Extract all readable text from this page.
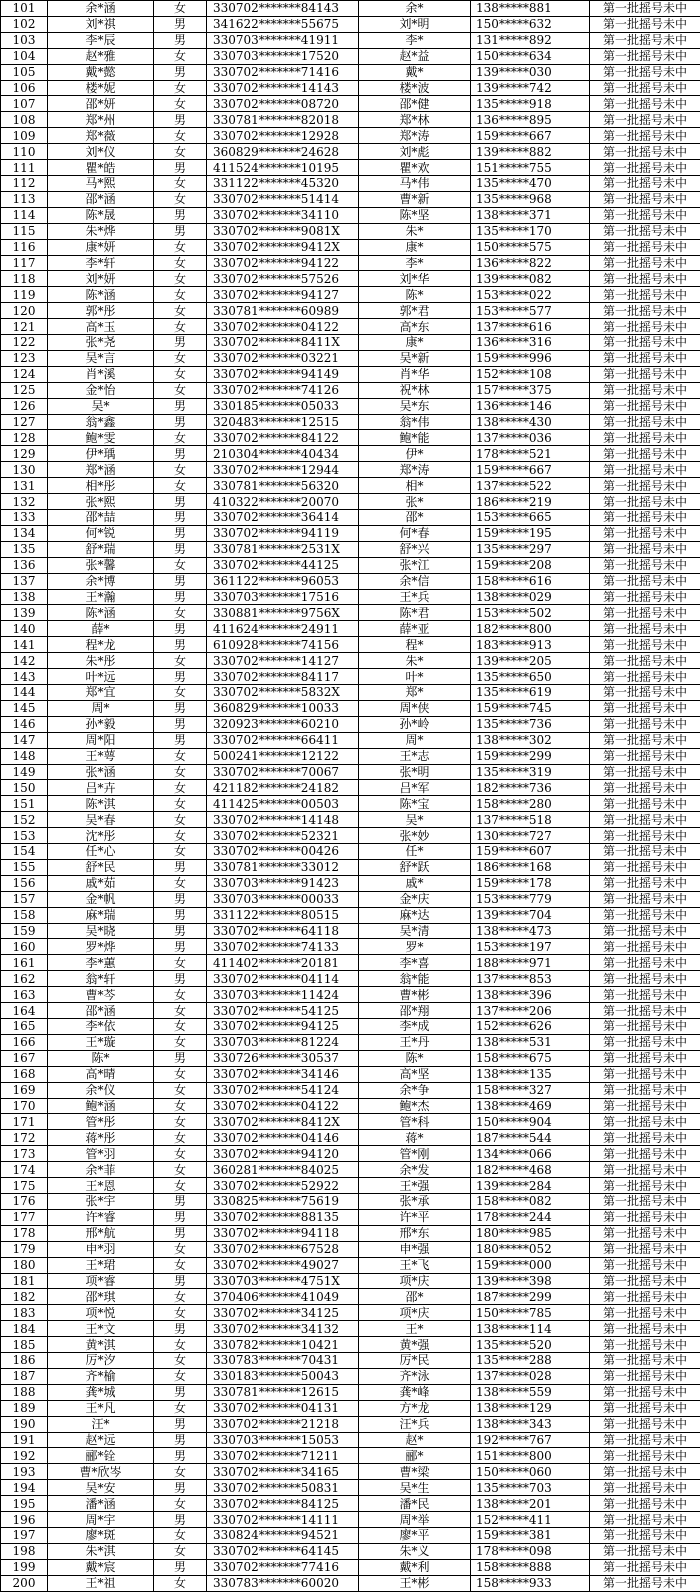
101	余*涵	女	330702*******84143	余*	138*****881	第一批摇号未中
102	刘*祺	男	341622*******55675	刘*明	150*****632	第一批摇号未中
103	李*辰	男	330703*******41911	李*	131*****892	第一批摇号未中
104	赵*雅	女	330703*******17520	赵*益	150*****634	第一批摇号未中
105	戴*懿	男	330702*******71416	戴*	139*****030	第一批摇号未中
106	楼*妮	女	330702*******14143	楼*波	139*****742	第一批摇号未中
107	邵*妍	女	330702*******08720	邵*健	135*****918	第一批摇号未中
108	郑*州	男	330781*******82018	郑*林	136*****895	第一批摇号未中
109	郑*薇	女	330702*******12928	郑*涛	159*****667	第一批摇号未中
110	刘*仪	女	360829*******24628	刘*彪	139*****882	第一批摇号未中
111	瞿*皓	男	411524*******10195	瞿*欢	151*****755	第一批摇号未中
112	马*熙	女	331122*******45320	马*伟	135*****470	第一批摇号未中
113	邵*涵	女	330702*******51414	曹*新	135*****968	第一批摇号未中
114	陈*晟	男	330702*******34110	陈*坚	138*****371	第一批摇号未中
115	朱*烨	男	330702*******9081X	朱*	135*****170	第一批摇号未中
116	康*妍	女	330702*******9412X	康*	150*****575	第一批摇号未中
117	李*轩	女	330702*******94122	李*	136*****822	第一批摇号未中
118	刘*妍	女	330702*******57526	刘*华	139*****082	第一批摇号未中
119	陈*涵	女	330702*******94127	陈*	153*****022	第一批摇号未中
120	郭*彤	女	330781*******60989	郭*君	153*****577	第一批摇号未中
121	高*玉	女	330702*******04122	高*东	137*****616	第一批摇号未中
122	张*尧	男	330702*******8411X	康*	136*****316	第一批摇号未中
123	吴*言	女	330702*******03221	吴*新	159*****996	第一批摇号未中
124	肖*溪	女	330702*******94149	肖*华	152*****108	第一批摇号未中
125	金*怡	女	330702*******74126	祝*林	157*****375	第一批摇号未中
126	吴*	男	330185*******05033	吴*东	136*****146	第一批摇号未中
127	翁*鑫	男	320483*******12515	翁*伟	138*****430	第一批摇号未中
128	鲍*雯	女	330702*******84122	鲍*能	137*****036	第一批摇号未中
129	伊*瑀	男	210304*******40434	伊*	178*****521	第一批摇号未中
130	郑*涵	女	330702*******12944	郑*涛	159*****667	第一批摇号未中
131	相*彤	女	330781*******56320	相*	137*****522	第一批摇号未中
132	张*熙	男	410322*******20070	张*	186*****219	第一批摇号未中
133	邵*喆	男	330702*******36414	邵*	153*****665	第一批摇号未中
134	何*锐	男	330702*******94119	何*春	159*****195	第一批摇号未中
135	舒*瑞	男	330781*******2531X	舒*兴	135*****297	第一批摇号未中
136	张*馨	女	330702*******44125	张*江	159*****208	第一批摇号未中
137	余*博	男	361122*******96053	余*信	158*****616	第一批摇号未中
138	王*瀚	男	330703*******17516	王*兵	138*****029	第一批摇号未中
139	陈*涵	女	330881*******9756X	陈*君	153*****502	第一批摇号未中
140	薛*	男	411624*******24911	薛*亚	182*****800	第一批摇号未中
141	程*龙	男	610928*******74156	程*	183*****913	第一批摇号未中
142	朱*彤	女	330702*******14127	朱*	139*****205	第一批摇号未中
143	叶*远	男	330702*******84117	叶*	135*****650	第一批摇号未中
144	郑*宜	女	330702*******5832X	郑*	135*****619	第一批摇号未中
145	周*	男	360829*******10033	周*侠	159*****745	第一批摇号未中
146	孙*毅	男	320923*******60210	孙*岭	135*****736	第一批摇号未中
147	周*阳	男	330702*******66411	周*	138*****302	第一批摇号未中
148	王*萼	女	500241*******12122	王*志	159*****299	第一批摇号未中
149	张*涵	女	330702*******70067	张*明	135*****319	第一批摇号未中
150	吕*卉	女	421182*******24182	吕*军	182*****736	第一批摇号未中
151	陈*淇	女	411425*******00503	陈*宝	158*****280	第一批摇号未中
152	吴*春	女	330702*******14148	吴*	137*****518	第一批摇号未中
153	沈*彤	女	330702*******52321	张*妙	130*****727	第一批摇号未中
154	任*心	女	330702*******00426	任*	159*****607	第一批摇号未中
155	舒*民	男	330781*******33012	舒*跃	186*****168	第一批摇号未中
156	戚*茹	女	330703*******91423	戚*	159*****178	第一批摇号未中
157	金*帆	男	330703*******00033	金*庆	153*****779	第一批摇号未中
158	麻*瑞	男	331122*******80515	麻*达	139*****704	第一批摇号未中
159	吴*晓	男	330702*******64118	吴*清	138*****473	第一批摇号未中
160	罗*烨	男	330702*******74133	罗*	153*****197	第一批摇号未中
161	李*蕙	女	411402*******20181	李*喜	188*****971	第一批摇号未中
162	翁*轩	男	330702*******04114	翁*能	137*****853	第一批摇号未中
163	曹*芩	女	330703*******11424	曹*彬	138*****396	第一批摇号未中
164	邵*涵	女	330702*******54125	邵*翔	137*****206	第一批摇号未中
165	李*依	女	330702*******94125	李*成	152*****626	第一批摇号未中
166	王*璇	女	330703*******81224	王*丹	138*****531	第一批摇号未中
167	陈*	男	330726*******30537	陈*	158*****675	第一批摇号未中
168	高*晴	女	330702*******34146	高*坚	138*****135	第一批摇号未中
169	余*仪	女	330702*******54124	余*争	158*****327	第一批摇号未中
170	鲍*涵	女	330702*******04122	鲍*杰	138*****469	第一批摇号未中
171	管*彤	女	330702*******8412X	管*科	150*****904	第一批摇号未中
172	蒋*彤	女	330702*******04146	蒋*	187*****544	第一批摇号未中
173	管*羽	女	330702*******94120	管*刚	134*****066	第一批摇号未中
174	余*菲	女	360281*******84025	余*发	182*****468	第一批摇号未中
175	王*恩	女	330702*******52922	王*强	139*****284	第一批摇号未中
176	张*宇	男	330825*******75619	张*承	158*****082	第一批摇号未中
177	许*睿	男	330702*******88135	许*平	178*****244	第一批摇号未中
178	邢*航	男	330702*******94118	邢*东	180*****985	第一批摇号未中
179	申*羽	女	330702*******67528	申*强	180*****052	第一批摇号未中
180	王*珺	女	330702*******49027	王*飞	159*****000	第一批摇号未中
181	项*睿	男	330703*******4751X	项*庆	139*****398	第一批摇号未中
182	邵*琪	女	370406*******41049	邵*	187*****299	第一批摇号未中
183	项*悦	女	330702*******34125	项*庆	150*****785	第一批摇号未中
184	王*文	男	330702*******34132	王*	138*****114	第一批摇号未中
185	黄*淇	女	330782*******10421	黄*强	135*****520	第一批摇号未中
186	厉*汐	女	330783*******70431	厉*民	135*****288	第一批摇号未中
187	齐*榆	女	330183*******50043	齐*泳	137*****028	第一批摇号未中
188	龚*城	男	330781*******12615	龚*峰	138*****559	第一批摇号未中
189	王*凡	女	330702*******04131	方*龙	138*****129	第一批摇号未中
190	汪*	男	330702*******21218	汪*兵	138*****343	第一批摇号未中
191	赵*远	男	330703*******15053	赵*	192*****767	第一批摇号未中
192	郦*铨	男	330702*******71211	郦*	151*****800	第一批摇号未中
193	曹*欣岑	女	330702*******34165	曹*梁	150*****060	第一批摇号未中
194	吴*安	男	330702*******50831	吴*生	135*****703	第一批摇号未中
195	潘*涵	女	330702*******84125	潘*民	138*****201	第一批摇号未中
196	周*宇	男	330702*******14111	周*举	152*****411	第一批摇号未中
197	廖*斑	女	330824*******94521	廖*平	159*****381	第一批摇号未中
198	朱*淇	女	330702*******64145	朱*义	178*****098	第一批摇号未中
199	戴*宸	男	330702*******77416	戴*利	158*****888	第一批摇号未中
200	王*祖	女	330783*******60020	王*彬	158*****933	第一批摇号未中
